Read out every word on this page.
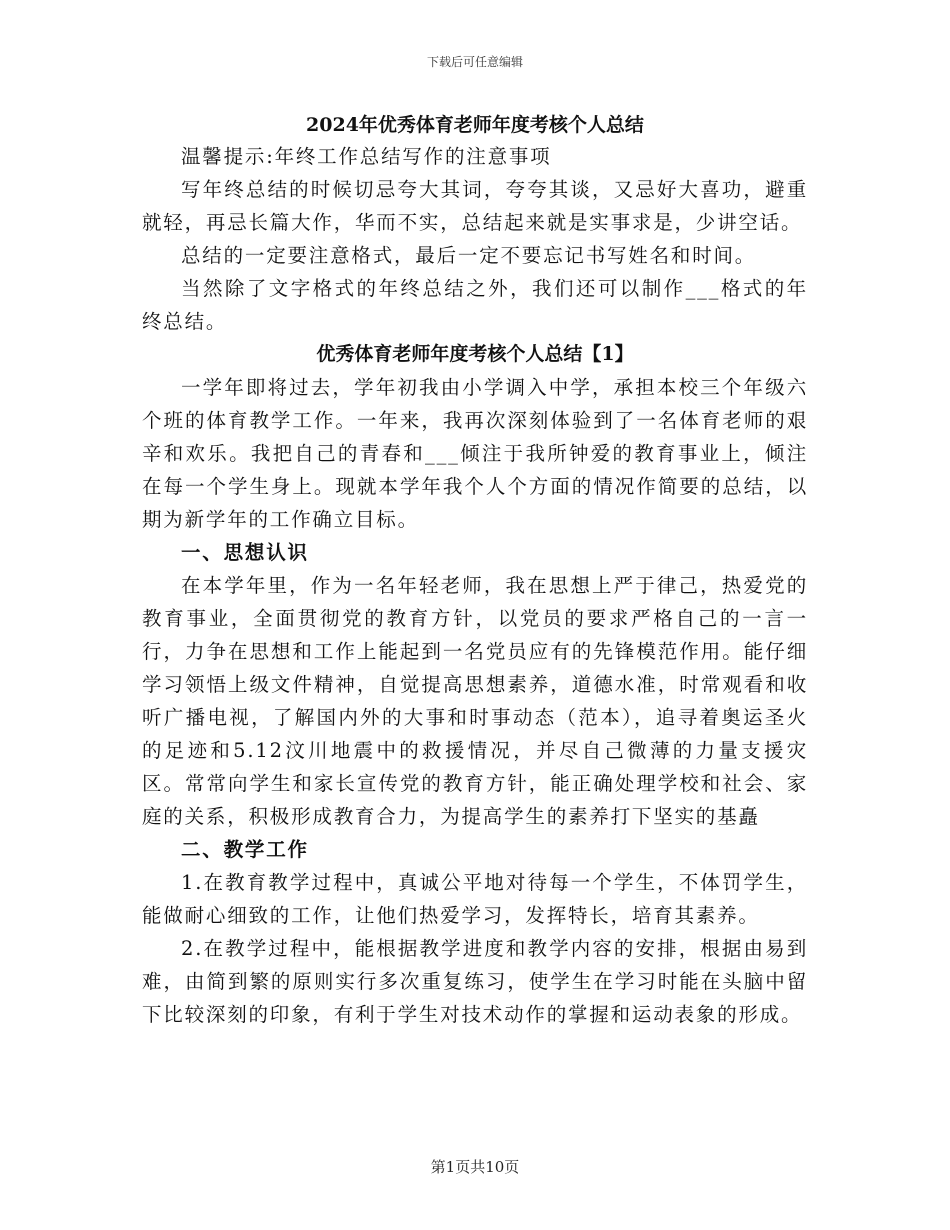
下载后可任意编辑
2024年优秀体育老师年度考核个人总结

温馨提示:年终工作总结写作的注意事项

写年终总结的时候切忌夸大其词，夸夸其谈，又忌好大喜功，避重就轻，再忌长篇大作，华而不实，总结起来就是实事求是，少讲空话。

总结的一定要注意格式，最后一定不要忘记书写姓名和时间。

当然除了文字格式的年终总结之外，我们还可以制作___格式的年终总结。

优秀体育老师年度考核个人总结【1】

一学年即将过去，学年初我由小学调入中学，承担本校三个年级六个班的体育教学工作。一年来，我再次深刻体验到了一名体育老师的艰辛和欢乐。我把自己的青春和___倾注于我所钟爱的教育事业上，倾注在每一个学生身上。现就本学年我个人个方面的情况作简要的总结，以期为新学年的工作确立目标。

一、思想认识

在本学年里，作为一名年轻老师，我在思想上严于律己，热爱党的教育事业，全面贯彻党的教育方针，以党员的要求严格自己的一言一行，力争在思想和工作上能起到一名党员应有的先锋模范作用。能仔细学习领悟上级文件精神，自觉提高思想素养，道德水准，时常观看和收听广播电视，了解国内外的大事和时事动态（范本），追寻着奥运圣火的足迹和5.12汶川地震中的救援情况，并尽自己微薄的力量支援灾区。常常向学生和家长宣传党的教育方针，能正确处理学校和社会、家庭的关系，积极形成教育合力，为提高学生的素养打下坚实的基矗

二、教学工作

1.在教育教学过程中，真诚公平地对待每一个学生，不体罚学生，能做耐心细致的工作，让他们热爱学习，发挥特长，培育其素养。

2.在教学过程中，能根据教学进度和教学内容的安排，根据由易到难，由简到繁的原则实行多次重复练习，使学生在学习时能在头脑中留下比较深刻的印象，有利于学生对技术动作的掌握和运动表象的形成。

第1页共10页
